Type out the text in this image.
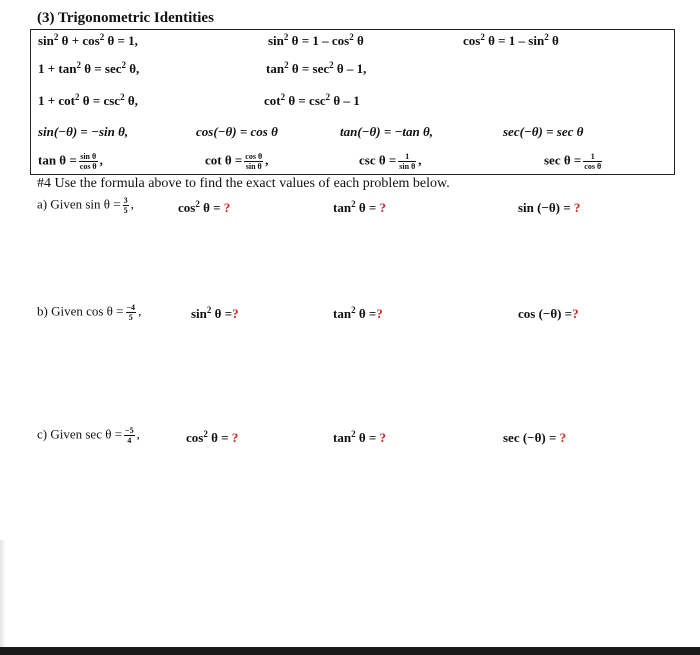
(3) Trigonometric Identities
$\sin^2 \theta + \cos^2 \theta = 1$,	$\sin^2 \theta = 1 - \cos^2 \theta$	$\cos^2 \theta = 1 - \sin^2 \theta$
$1 + \tan^2 \theta = \sec^2 \theta$,	$\tan^2 \theta = \sec^2 \theta - 1$,
$1 + \cot^2 \theta = \csc^2 \theta$,	$\cot^2 \theta = \csc^2 \theta - 1$
sin(−θ) = −sin θ,	cos(−θ) = cos θ	tan(−θ) = −tan θ,	sec(−θ) = sec θ
$\tan \theta = \frac{\text{sin θ}}{\text{cos θ}}$ ,	$\cot \theta = \frac{\text{cos θ}}{\text{sin θ}}$ ,	$\csc \theta = \frac{1}{\text{sin θ}}$ ,	$\sec \theta = \frac{1}{\text{cos θ}}$
#4 Use the formula above to find the exact values of each problem below.
a) Given $\sin \theta = \frac{3}{5}$ ,	$\cos^2 \theta$ = ?	$\tan^2 \theta$ = ?	sin (−θ) = ?
b) Given $\cos \theta = \frac{-4}{5}$ ,	$\sin^2 \theta$ =?	$\tan^2 \theta$ =?	cos (−θ) =?
c) Given $\sec \theta = \frac{-5}{4}$ ,	$\cos^2 \theta$ = ?	$\tan^2 \theta$ = ?	sec (−θ) = ?
